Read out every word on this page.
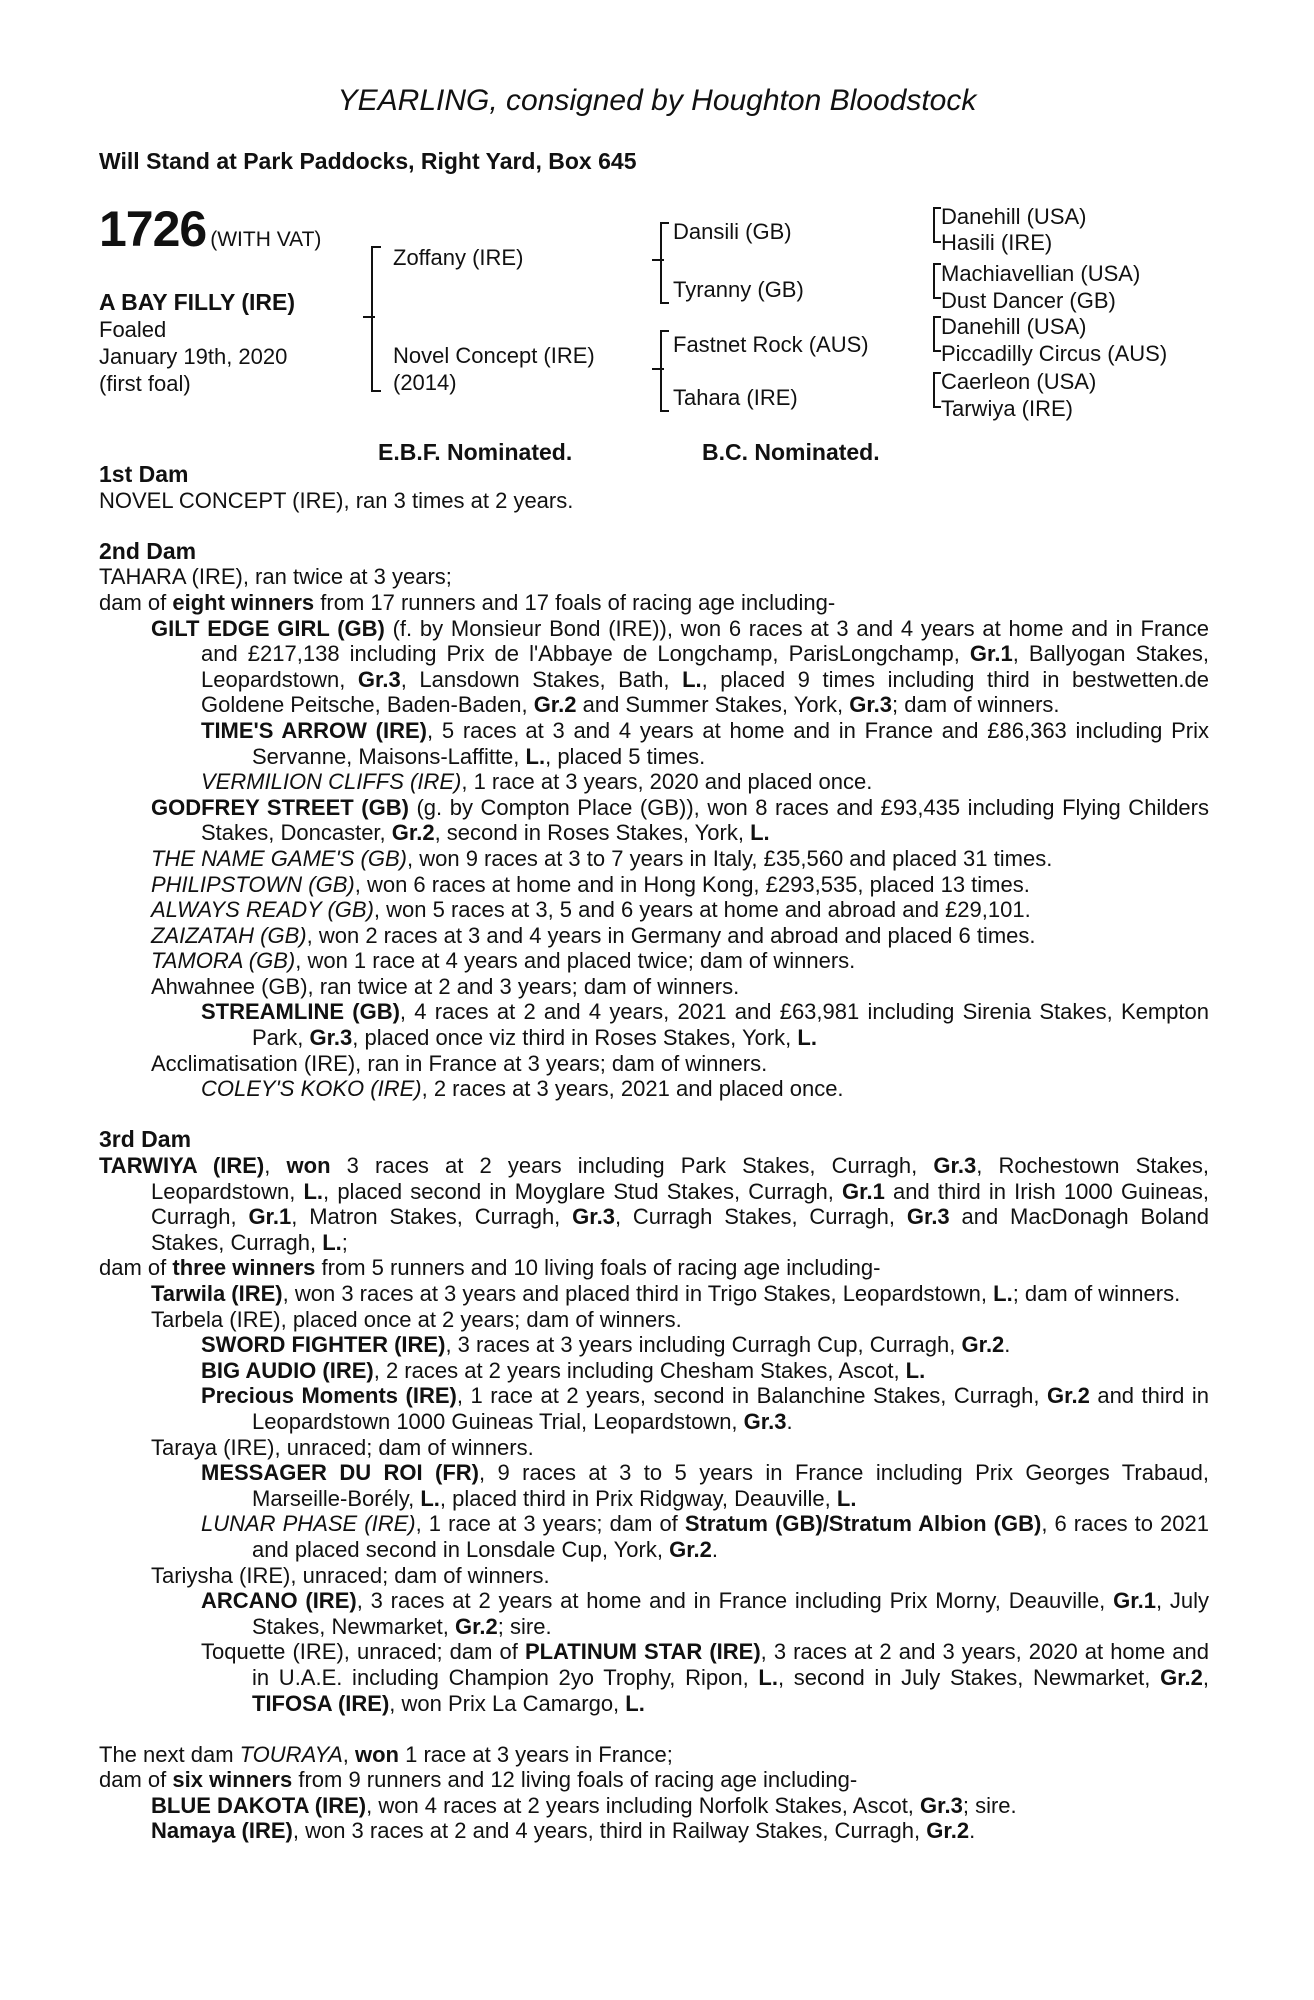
YEARLING, consigned by Houghton Bloodstock
Will Stand at Park Paddocks, Right Yard, Box 645
1726 (WITH VAT)
A BAY FILLY (IRE)
Foaled
January 19th, 2020
(first foal)
Zoffany (IRE)
Novel Concept (IRE)
(2014)
Dansili (GB)
Tyranny (GB)
Fastnet Rock (AUS)
Tahara (IRE)
Danehill (USA)
Hasili (IRE)
Machiavellian (USA)
Dust Dancer (GB)
Danehill (USA)
Piccadilly Circus (AUS)
Caerleon (USA)
Tarwiya (IRE)
E.B.F. Nominated.	B.C. Nominated.

1st Dam

NOVEL CONCEPT (IRE), ran 3 times at 2 years.

2nd Dam

TAHARA (IRE), ran twice at 3 years;

dam of eight winners from 17 runners and 17 foals of racing age including-

GILT EDGE GIRL (GB) (f. by Monsieur Bond (IRE)), won 6 races at 3 and 4 years at home and in France and £217,138 including Prix de l'Abbaye de Longchamp, ParisLongchamp, Gr.1, Ballyogan Stakes, Leopardstown, Gr.3, Lansdown Stakes, Bath, L., placed 9 times including third in bestwetten.de Goldene Peitsche, Baden-Baden, Gr.2 and Summer Stakes, York, Gr.3; dam of winners.

TIME'S ARROW (IRE), 5 races at 3 and 4 years at home and in France and £86,363 including Prix Servanne, Maisons-Laffitte, L., placed 5 times.

VERMILION CLIFFS (IRE), 1 race at 3 years, 2020 and placed once.

GODFREY STREET (GB) (g. by Compton Place (GB)), won 8 races and £93,435 including Flying Childers Stakes, Doncaster, Gr.2, second in Roses Stakes, York, L.

THE NAME GAME'S (GB), won 9 races at 3 to 7 years in Italy, £35,560 and placed 31 times.

PHILIPSTOWN (GB), won 6 races at home and in Hong Kong, £293,535, placed 13 times.

ALWAYS READY (GB), won 5 races at 3, 5 and 6 years at home and abroad and £29,101.

ZAIZATAH (GB), won 2 races at 3 and 4 years in Germany and abroad and placed 6 times.

TAMORA (GB), won 1 race at 4 years and placed twice; dam of winners.

Ahwahnee (GB), ran twice at 2 and 3 years; dam of winners.

STREAMLINE (GB), 4 races at 2 and 4 years, 2021 and £63,981 including Sirenia Stakes, Kempton Park, Gr.3, placed once viz third in Roses Stakes, York, L.

Acclimatisation (IRE), ran in France at 3 years; dam of winners.

COLEY'S KOKO (IRE), 2 races at 3 years, 2021 and placed once.

3rd Dam

TARWIYA (IRE), won 3 races at 2 years including Park Stakes, Curragh, Gr.3, Rochestown Stakes, Leopardstown, L., placed second in Moyglare Stud Stakes, Curragh, Gr.1 and third in Irish 1000 Guineas, Curragh, Gr.1, Matron Stakes, Curragh, Gr.3, Curragh Stakes, Curragh, Gr.3 and MacDonagh Boland Stakes, Curragh, L.;

dam of three winners from 5 runners and 10 living foals of racing age including-

Tarwila (IRE), won 3 races at 3 years and placed third in Trigo Stakes, Leopardstown, L.; dam of winners.

Tarbela (IRE), placed once at 2 years; dam of winners.

SWORD FIGHTER (IRE), 3 races at 3 years including Curragh Cup, Curragh, Gr.2.

BIG AUDIO (IRE), 2 races at 2 years including Chesham Stakes, Ascot, L.

Precious Moments (IRE), 1 race at 2 years, second in Balanchine Stakes, Curragh, Gr.2 and third in Leopardstown 1000 Guineas Trial, Leopardstown, Gr.3.

Taraya (IRE), unraced; dam of winners.

MESSAGER DU ROI (FR), 9 races at 3 to 5 years in France including Prix Georges Trabaud, Marseille-Borély, L., placed third in Prix Ridgway, Deauville, L.

LUNAR PHASE (IRE), 1 race at 3 years; dam of Stratum (GB)/Stratum Albion (GB), 6 races to 2021 and placed second in Lonsdale Cup, York, Gr.2.

Tariysha (IRE), unraced; dam of winners.

ARCANO (IRE), 3 races at 2 years at home and in France including Prix Morny, Deauville, Gr.1, July Stakes, Newmarket, Gr.2; sire.

Toquette (IRE), unraced; dam of PLATINUM STAR (IRE), 3 races at 2 and 3 years, 2020 at home and in U.A.E. including Champion 2yo Trophy, Ripon, L., second in July Stakes, Newmarket, Gr.2, TIFOSA (IRE), won Prix La Camargo, L.

The next dam TOURAYA, won 1 race at 3 years in France;

dam of six winners from 9 runners and 12 living foals of racing age including-

BLUE DAKOTA (IRE), won 4 races at 2 years including Norfolk Stakes, Ascot, Gr.3; sire.

Namaya (IRE), won 3 races at 2 and 4 years, third in Railway Stakes, Curragh, Gr.2.
